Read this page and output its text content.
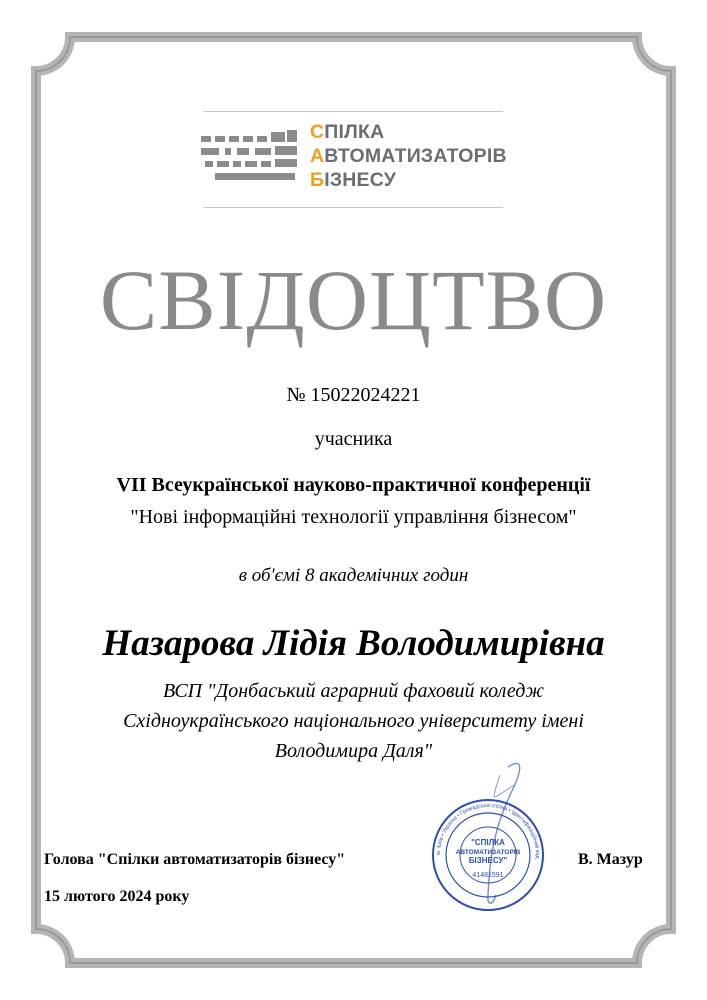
СПІЛКА
АВТОМАТИЗАТОРІВ
БІЗНЕСУ
СВІДОЦТВО
№ 15022024221
учасника
VII Всеукраїнської науково-практичної конференції
"Нові інформаційні технології управління бізнесом"
в об'ємі 8 академічних годин
Назарова Лідія Володимирівна
ВСП "Донбаський аграрний фаховий коледж
Східноукраїнського національного університету імені
Володимира Даля"
"СПІЛКА
АВТОМАТИЗАТОРІВ
БІЗНЕСУ"
41481591
м. Київ • Україна • Громадська спілка • Ідентифікаційний код
Голова "Спілки автоматизаторів бізнесу"	В. Мазур
15 лютого 2024 року
